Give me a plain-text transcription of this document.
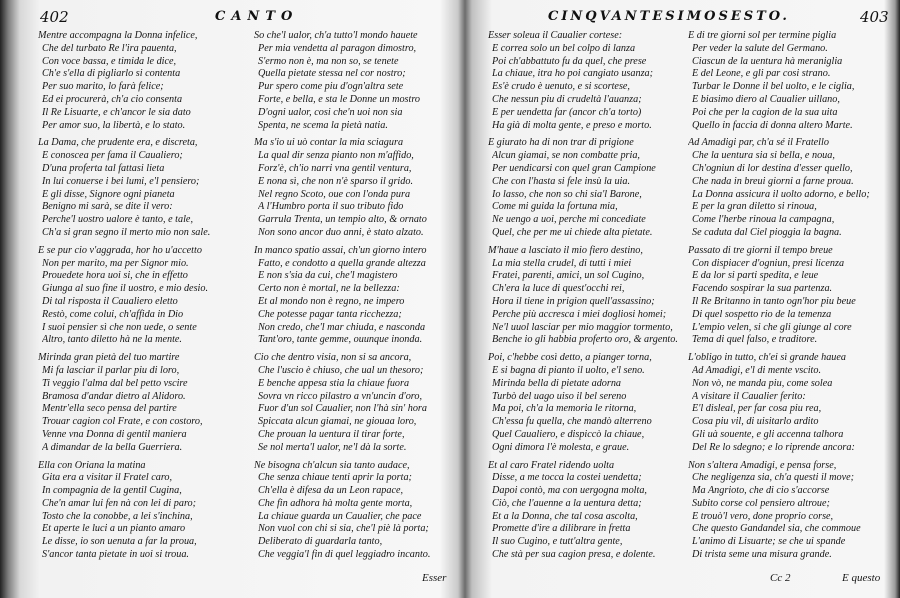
402	CANTO
Mentre accompagna la Donna infelice,
Che del turbato Re l'ira pauenta,
Con voce bassa, e timida le dice,
Ch'e s'ella di pigliarlo si contenta
Per suo marito, lo farà felice;
Ed ei procurerà, ch'a cio consenta
Il Re Lisuarte, e ch'ancor le sia dato
Per amor suo, la libertà, e lo stato.
La Dama, che prudente era, e discreta,
E conoscea per fama il Caualiero;
D'una proferta tal fattasi lieta
In lui conuerse i bei lumi, e'l pensiero;
E gli disse, Signore ogni pianeta
Benigno mi sarà, se dite il vero:
Perche'l uostro ualore è tanto, e tale,
Ch'a si gran segno il merto mio non sale.
E se pur cio v'aggrada, hor ho u'accetto
Non per marito, ma per Signor mio.
Prouedete hora uoi si, che in effetto
Giunga al suo fine il uostro, e mio desio.
Di tal risposta il Caualiero eletto
Restò, come colui, ch'affida in Dio
I suoi pensier sì che non uede, o sente
Altro, tanto diletto hà ne la mente.
Mirinda gran pietà del tuo martire
Mi fa lasciar il parlar piu di loro,
Ti veggio l'alma dal bel petto vscire
Bramosa d'andar dietro al Alidoro.
Mentr'ella seco pensa del partire
Trouar cagion col Frate, e con costoro,
Venne vna Donna di gentil maniera
A dimandar de la bella Guerriera.
Ella con Oriana la matina
Gita era a visitar il Fratel caro,
In compagnia de la gentil Cugina,
Che'n amar lui fen nà con lei di paro;
Tosto che la conobbe, a lei s'inchina,
Et aperte le luci a un pianto amaro
Le disse, io son uenuta a far la proua,
S'ancor tanta pietate in uoi si troua.
So che'l ualor, ch'a tutto'l mondo hauete
Per mia vendetta al paragon dimostro,
S'ermo non è, ma non so, se tenete
Quella pietate stessa nel cor nostro;
Pur spero come piu d'ogn'altra sete
Forte, e bella, e sta le Donne un mostro
D'ogni ualor, cosi che'n uoi non sia
Spenta, ne scema la pietà natia.
Ma s'io ui uò contar la mia sciagura
La qual dir senza pianto non m'affido,
Forz'è, ch'io narri vna gentil ventura,
E nona sì, che non n'è sparso il grido.
Nel regno Scoto, oue con l'onda pura
A l'Humbro porta il suo tributo fido
Garrula Trenta, un tempio alto, & ornato
Non sono ancor duo anni, è stato alzato.
In manco spatio assai, ch'un giorno intero
Fatto, e condotto a quella grande altezza
E non s'sia da cui, che'l magistero
Certo non è mortal, ne la bellezza:
Et al mondo non è regno, ne impero
Che potesse pagar tanta ricchezza;
Non credo, che'l mar chiuda, e nasconda
Tant'oro, tante gemme, ouunque inonda.
Cio che dentro visia, non si sa ancora,
Che l'uscio è chiuso, che ual un thesoro;
E benche appesa stia la chiaue fuora
Sovra vn ricco pilastro a vn'uncin d'oro,
Fuor d'un sol Caualier, non l'hà sin' hora
Spiccata alcun giamai, ne giouaa loro,
Che prouan la uentura il tirar forte,
Se nol merta'l ualor, ne'l dà la sorte.
Ne bisogna ch'alcun sia tanto audace,
Che senza chiaue tenti aprir la porta;
Ch'ella è difesa da un Leon rapace,
Che fin adhora hà molta gente morta,
La chiaue guarda un Caualier, che pace
Non vuol con chi si sia, che'l piè là porta;
Deliberato di guardarla tanto,
Che veggia'l fin di quel leggiadro incanto.
Esser
CINQVANTESIMOSESTO.	403
Esser soleua il Caualier cortese:
E correa solo un bel colpo di lanza
Poi ch'abbattuto fu da quel, che prese
La chiaue, itra ho poi cangiato usanza;
Es'è crudo è uenuto, e si scortese,
Che nessun piu di crudeltà l'auanza;
E per uendetta far (ancor ch'a torto)
Ha già di molta gente, e preso e morto.
E giurato ha di non trar di prigione
Alcun giamai, se non combatte pria,
Per uendicarsi con quel gran Campione
Che con l'hasta si fele insù la uia.
Io lasso, che non so chi sia'l Barone,
Come mi guida la fortuna mia,
Ne uengo a uoi, perche mi concediate
Quel, che per me ui chiede alta pietate.
M'haue a lasciato il mio fiero destino,
La mia stella crudel, di tutti i miei
Fratei, parenti, amici, un sol Cugino,
Ch'era la luce di quest'occhi rei,
Hora il tiene in prigion quell'assassino;
Perche più accresca i miei dogliosi homei;
Ne'l uuol lasciar per mio maggior tormento,
Benche io gli habbia proferto oro, & argento.
Poi, c'hebbe così detto, a pianger torna,
E si bagna di pianto il uolto, e'l seno.
Mirinda bella di pietate adorna
Turbò del uago uiso il bel sereno
Ma poi, ch'a la memoria le ritorna,
Ch'essa fu quella, che mandò alterreno
Quel Caualiero, e dispiccò la chiaue,
Ogni dimora l'è molesta, e graue.
Et al caro Fratel ridendo uolta
Disse, a me tocca la costei uendetta;
Dapoi contò, ma con uergogna molta,
Ciò, che l'auenne a la uentura detta;
Et a la Donna, che tal cosa ascolta,
Promette d'ire a dilibrare in fretta
Il suo Cugino, e tutt'altra gente,
Che stà per sua cagion presa, e dolente.
E di tre giorni sol per termine piglia
Per veder la salute del Germano.
Ciascun de la uentura hà meraniglia
E del Leone, e gli par cosi strano.
Turbar le Donne il bel uolto, e le ciglia,
E biasimo diero al Caualier uillano,
Poi che per la cagion de la sua uita
Quello in faccia di donna altero Marte.
Ad Amadigi par, ch'a sé il Fratello
Che la uentura sia si bella, e noua,
Ch'ogniun di lor destina d'esser quello,
Che nada in breui giorni a farne proua.
La Donna assicura il uolto adorno, e bello;
E per la gran diletto si rinoua,
Come l'herbe rinoua la campagna,
Se caduta dal Ciel pioggia la bagna.
Passato di tre giorni il tempo breue
Con dispiacer d'ogniun, presi licenza
E da lor si parti spedita, e leue
Facendo sospirar la sua partenza.
Il Re Britanno in tanto ogn'hor piu beue
Di quel sospetto rio de la temenza
L'empio velen, si che gli giunge al core
Tema di quel falso, e traditore.
L'obligo in tutto, ch'ei sì grande hauea
Ad Amadigi, e'l di mente vscito.
Non vò, ne manda piu, come solea
A visitare il Caualier ferito:
E'l disleal, per far cosa piu rea,
Cosa piu vil, di uisitarlo ardito
Gli uà souente, e gli accenna talhora
Del Re lo sdegno; e lo riprende ancora:
Non s'altera Amadigi, e pensa forse,
Che negligenza sia, ch'a questi il move;
Ma Angrioto, che di cio s'accorse
Subito corse col pensiero altroue;
E trouò'l vero, done proprio corse,
Che questo Gandandel sia, che commoue
L'animo di Lisuarte; se che ui spande
Di trista seme una misura grande.
Cc 2	E questo
